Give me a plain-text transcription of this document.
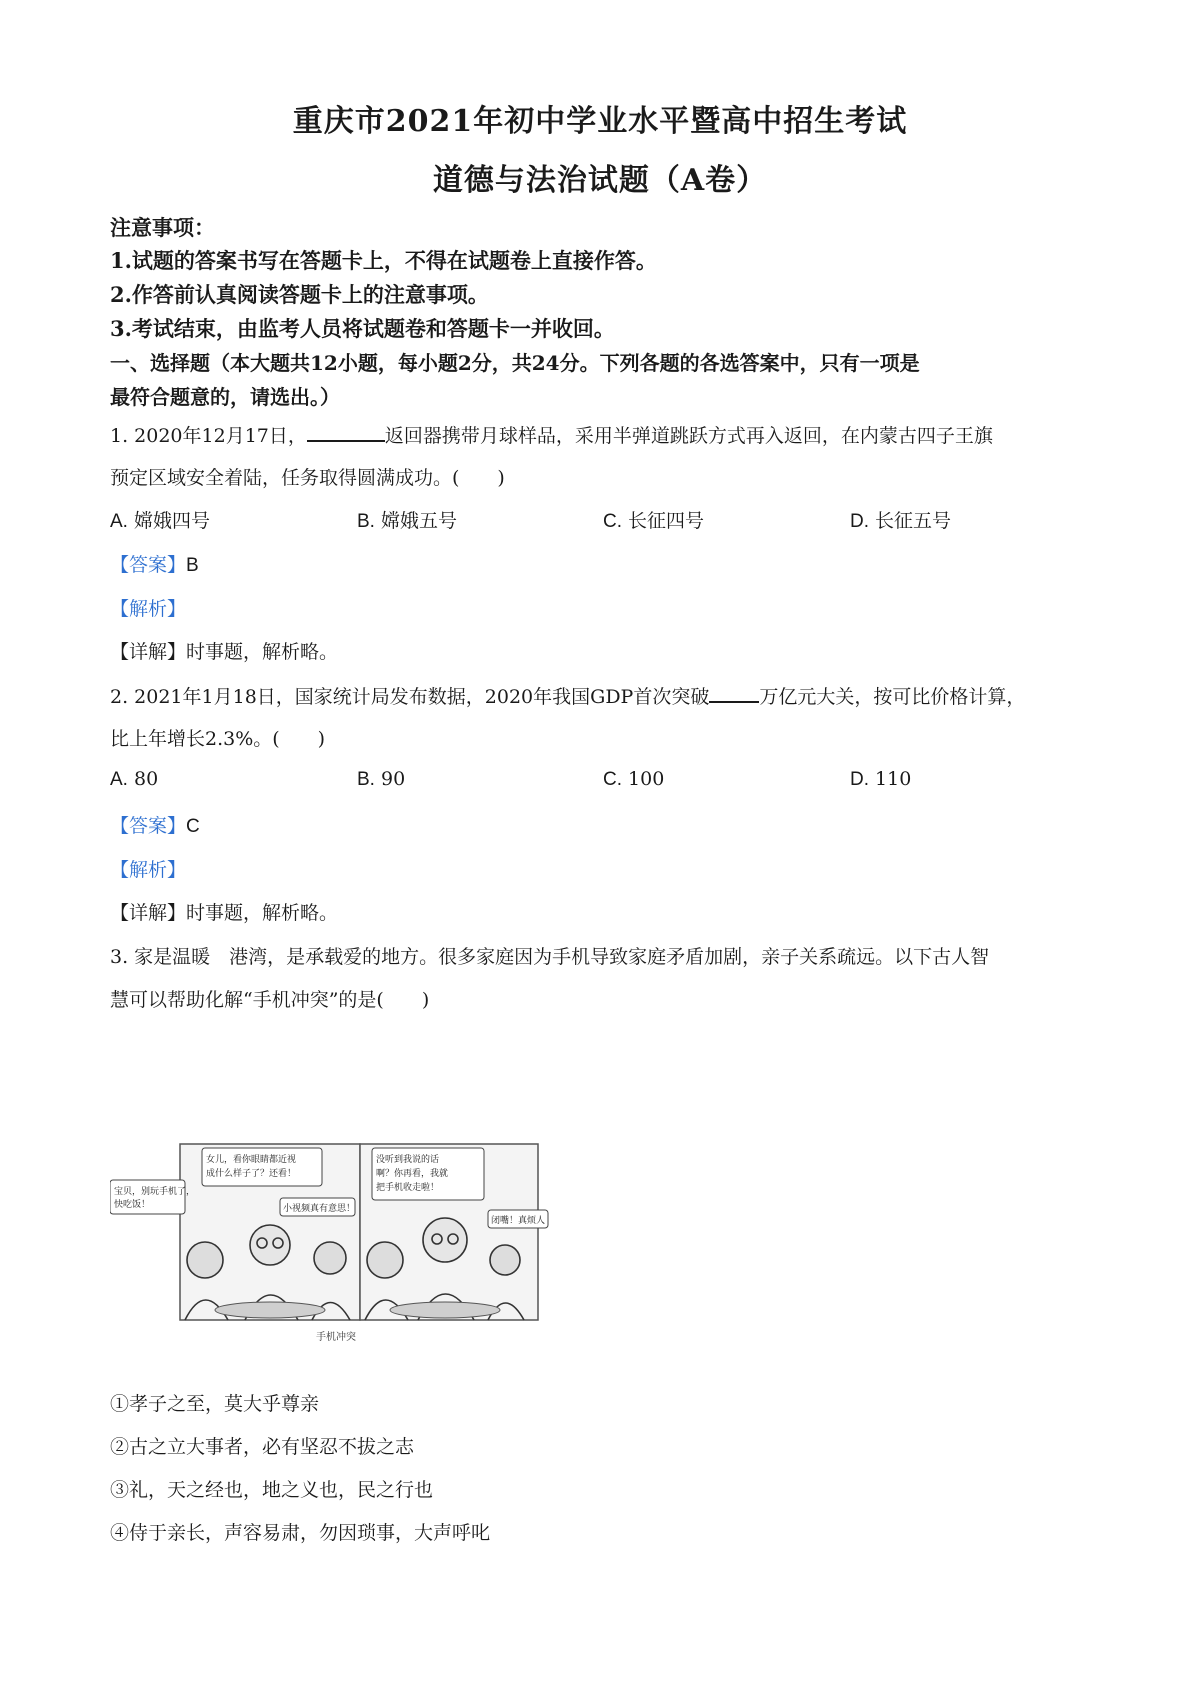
重庆市2021年初中学业水平暨高中招生考试
道德与法治试题（A卷）
注意事项：
1.试题的答案书写在答题卡上，不得在试题卷上直接作答。
2.作答前认真阅读答题卡上的注意事项。
3.考试结束，由监考人员将试题卷和答题卡一并收回。
一、选择题（本大题共12小题，每小题2分，共24分。下列各题的各选答案中，只有一项是
最符合题意的，请选出。）
1. 2020年12月17日，	返回器携带月球样品，采用半弹道跳跃方式再入返回，在内蒙古四子王旗
预定区域安全着陆，任务取得圆满成功。(　　)
A. 嫦娥四号	B. 嫦娥五号	C. 长征四号	D. 长征五号
【答案】B
【解析】
【详解】时事题，解析略。
2. 2021年1月18日，国家统计局发布数据，2020年我国GDP首次突破	万亿元大关，按可比价格计算，
比上年增长2.3%。(　　)
A. 80	B. 90	C. 100	D. 110
【答案】C
【解析】
【详解】时事题，解析略。
3. 家是温暖　港湾，是承载爱的地方。很多家庭因为手机导致家庭矛盾加剧，亲子关系疏远。以下古人智
慧可以帮助化解“手机冲突”的是(　　)
宝贝，别玩手机了，
快吃饭！
女儿，看你眼睛都近视
成什么样子了？还看！
小视频真有意思！
没听到我说的话
啊？你再看，我就
把手机收走啦！
闭嘴！真烦人
手机冲突
①孝子之至，莫大乎尊亲
②古之立大事者，必有坚忍不拔之志
③礼，天之经也，地之义也，民之行也
④侍于亲长，声容易肃，勿因琐事，大声呼叱
